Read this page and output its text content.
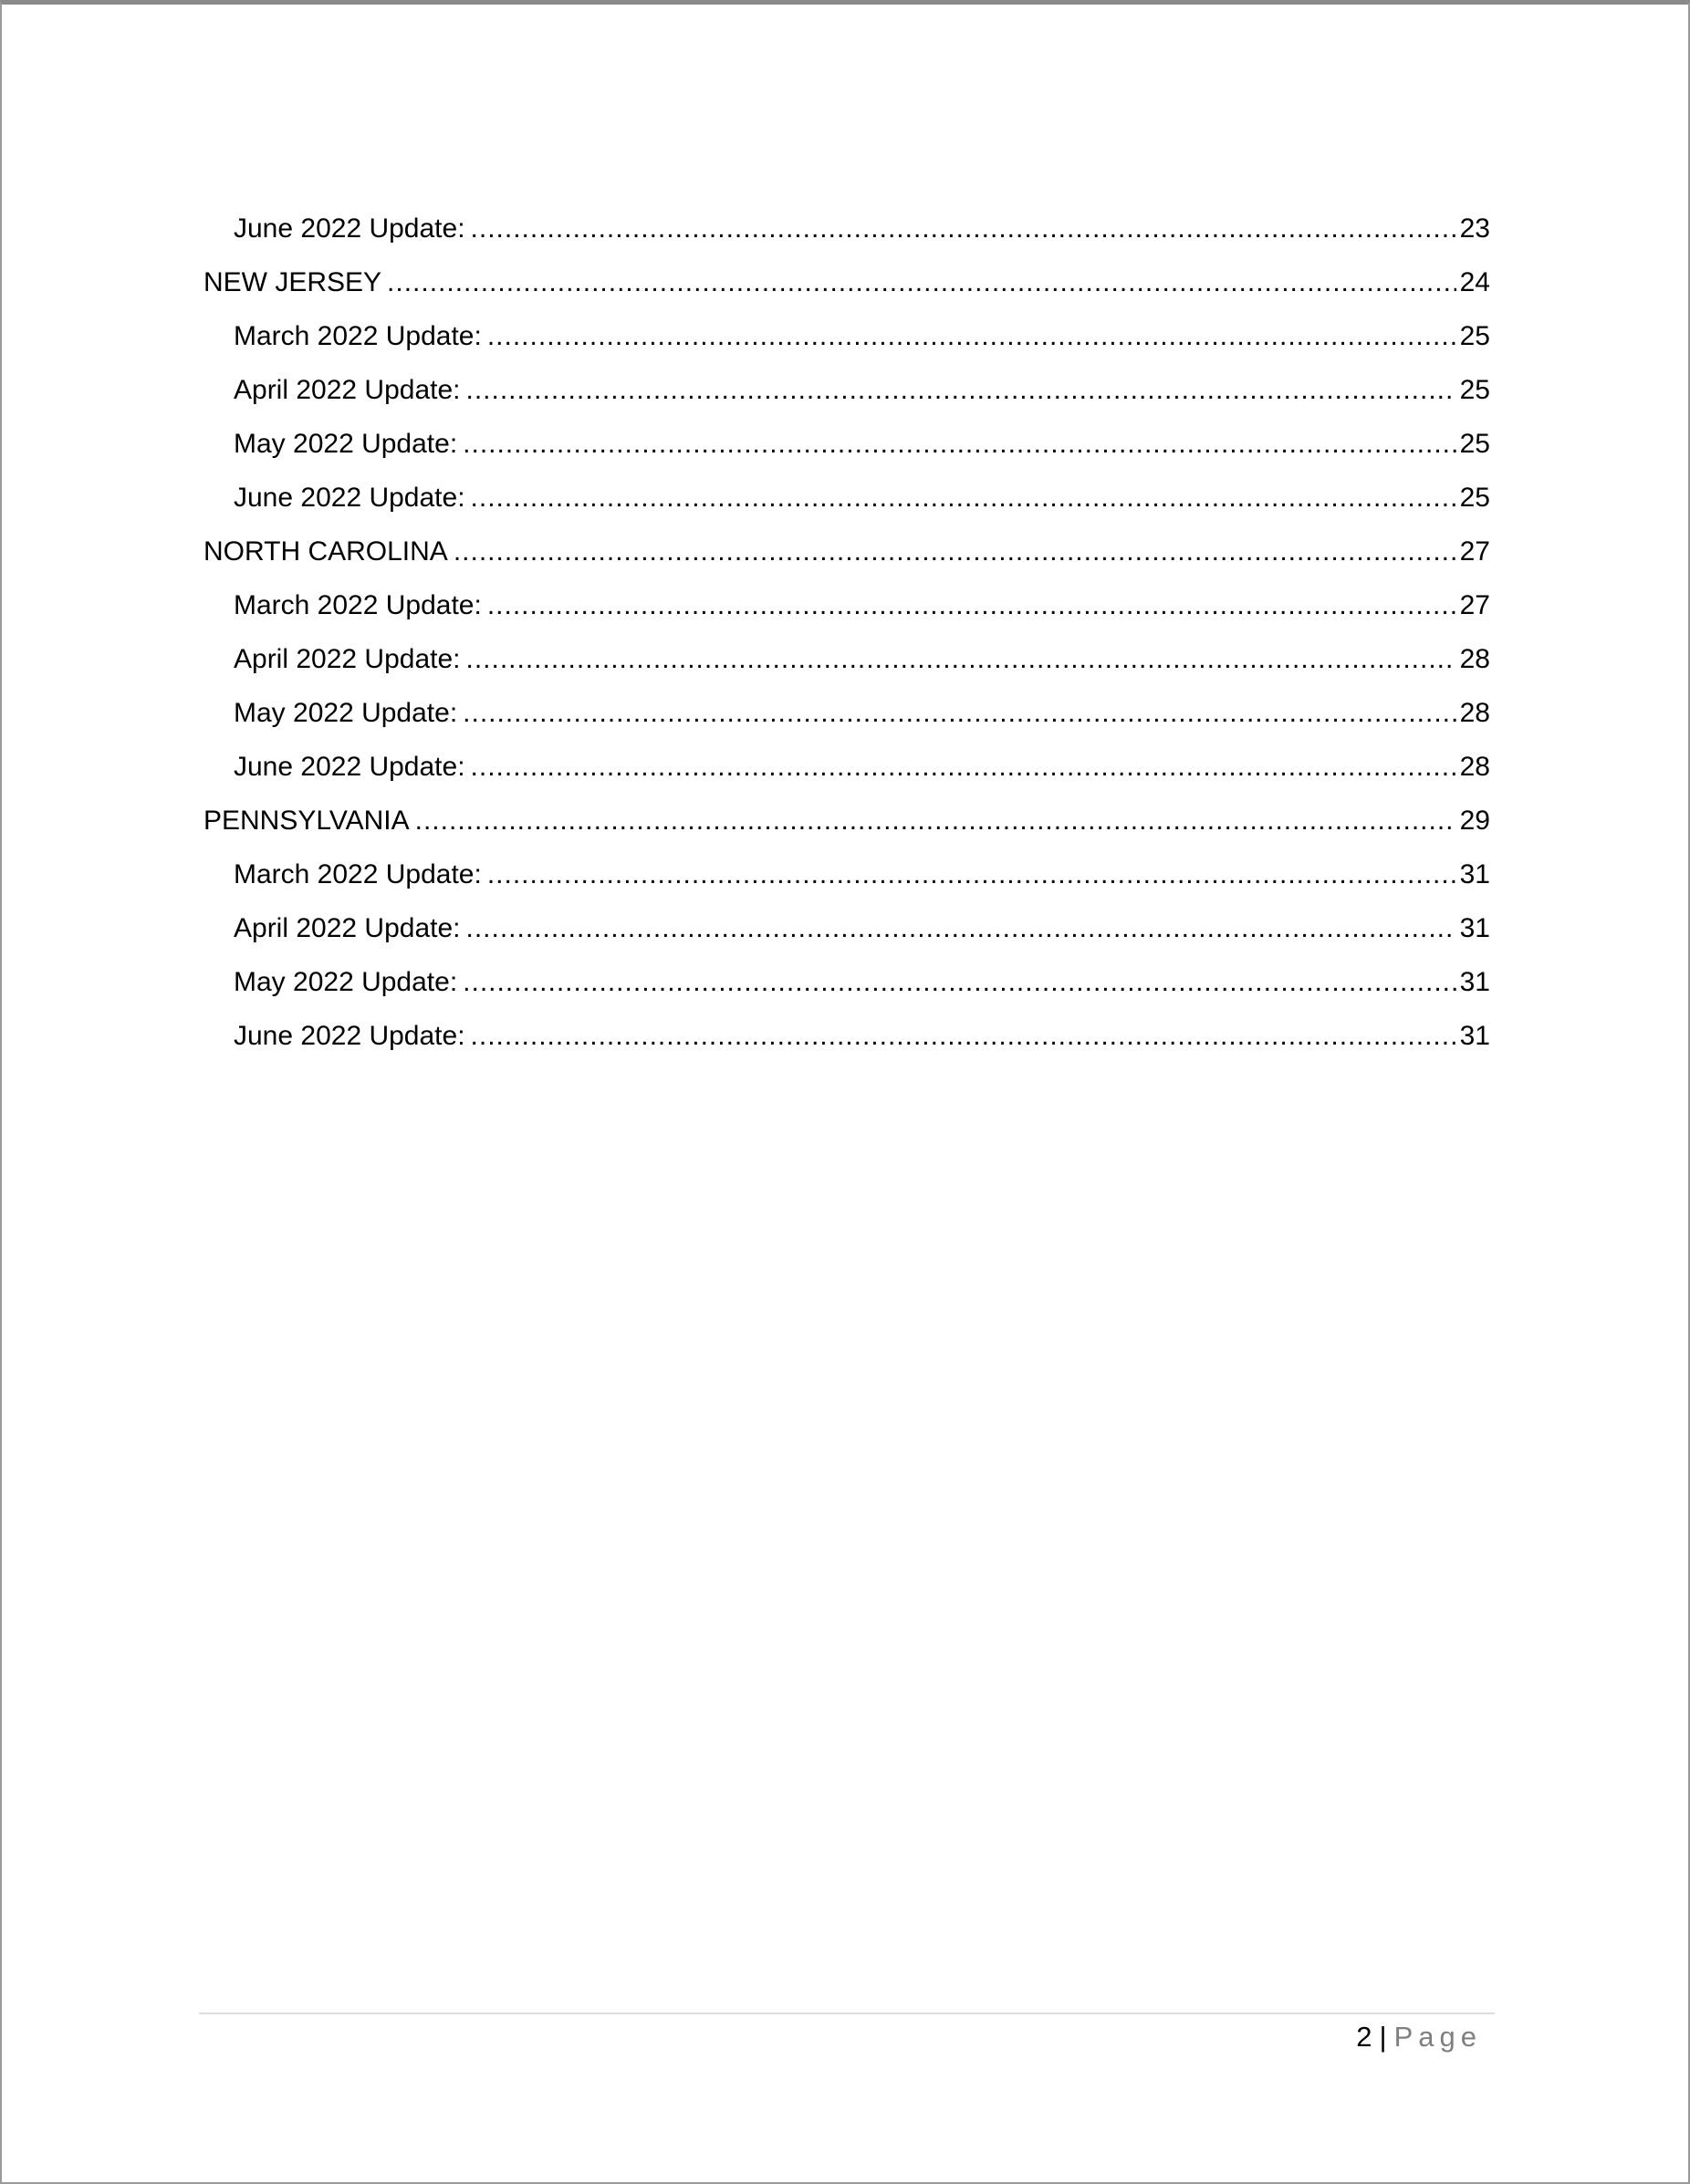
June 2022 Update: .....	23
NEW JERSEY .....	24
March 2022 Update: .....	25
April 2022 Update: .....	25
May 2022 Update: .....	25
June 2022 Update: .....	25
NORTH CAROLINA .....	27
March 2022 Update: .....	27
April 2022 Update: .....	28
May 2022 Update: .....	28
June 2022 Update: .....	28
PENNSYLVANIA .....	29
March 2022 Update: .....	31
April 2022 Update: .....	31
May 2022 Update: .....	31
June 2022 Update: .....	31
2 | Page
